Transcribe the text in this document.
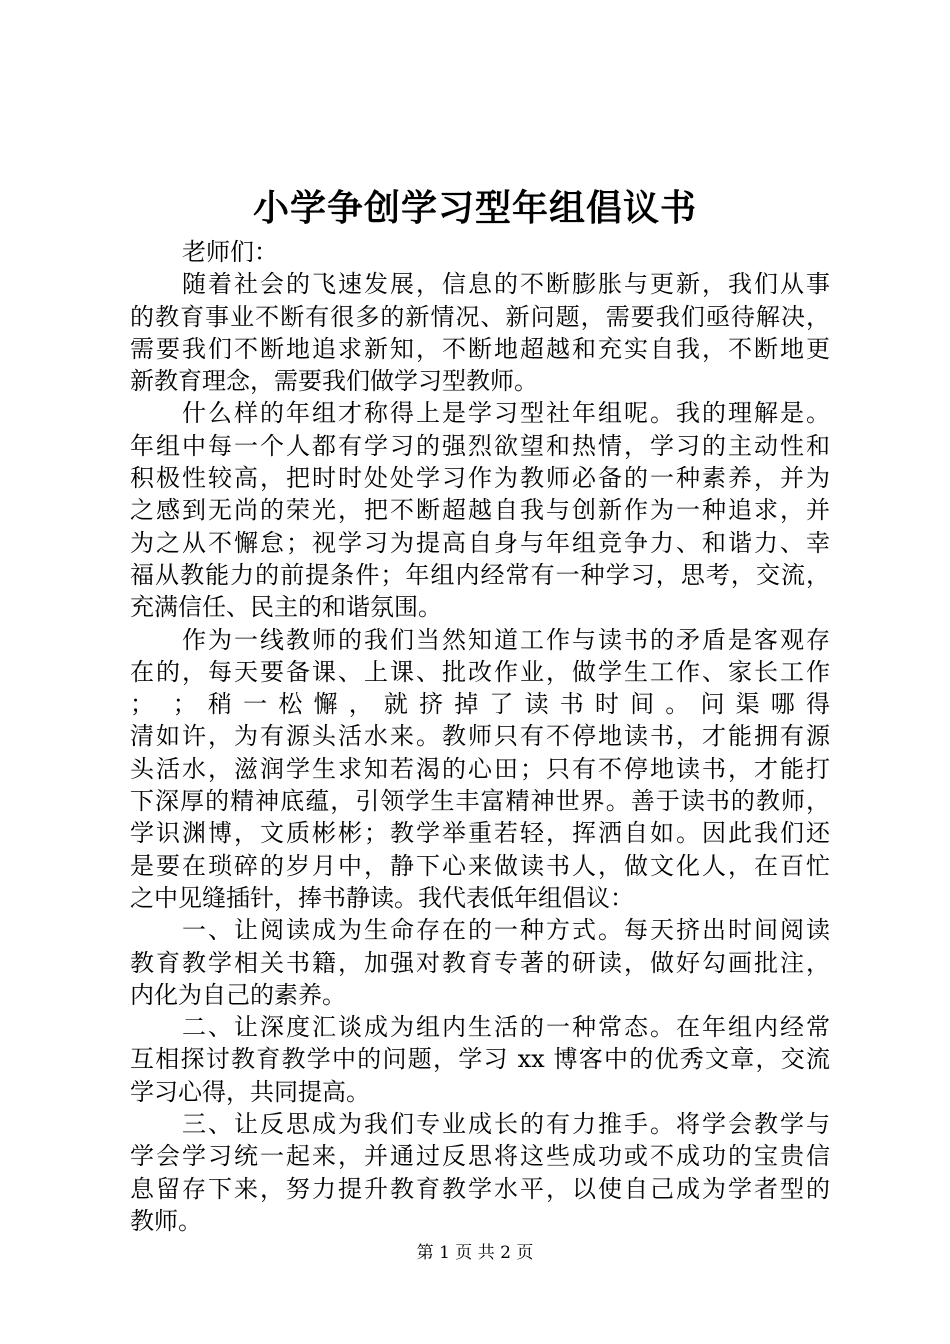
小学争创学习型年组倡议书
老师们：
随着社会的飞速发展，信息的不断膨胀与更新，我们从事
的教育事业不断有很多的新情况、新问题，需要我们亟待解决，
需要我们不断地追求新知，不断地超越和充实自我，不断地更
新教育理念，需要我们做学习型教师。
什么样的年组才称得上是学习型社年组呢。我的理解是。
年组中每一个人都有学习的强烈欲望和热情，学习的主动性和
积极性较高，把时时处处学习作为教师必备的一种素养，并为
之感到无尚的荣光，把不断超越自我与创新作为一种追求，并
为之从不懈怠；视学习为提高自身与年组竞争力、和谐力、幸
福从教能力的前提条件；年组内经常有一种学习，思考，交流，
充满信任、民主的和谐氛围。
作为一线教师的我们当然知道工作与读书的矛盾是客观存
在的，每天要备课、上课、批改作业，做学生工作、家长工作
； ；稍一松懈，就挤掉了读书时间。问渠哪得
清如许，为有源头活水来。教师只有不停地读书，才能拥有源
头活水，滋润学生求知若渴的心田；只有不停地读书，才能打
下深厚的精神底蕴，引领学生丰富精神世界。善于读书的教师，
学识渊博，文质彬彬；教学举重若轻，挥洒自如。因此我们还
是要在琐碎的岁月中，静下心来做读书人，做文化人，在百忙
之中见缝插针，捧书静读。我代表低年组倡议：
一、让阅读成为生命存在的一种方式。每天挤出时间阅读
教育教学相关书籍，加强对教育专著的研读，做好勾画批注，
内化为自己的素养。
二、让深度汇谈成为组内生活的一种常态。在年组内经常
互相探讨教育教学中的问题，学习 xx 博客中的优秀文章，交流
学习心得，共同提高。
三、让反思成为我们专业成长的有力推手。将学会教学与
学会学习统一起来，并通过反思将这些成功或不成功的宝贵信
息留存下来，努力提升教育教学水平，以使自己成为学者型的
教师。
第 1 页 共 2 页
